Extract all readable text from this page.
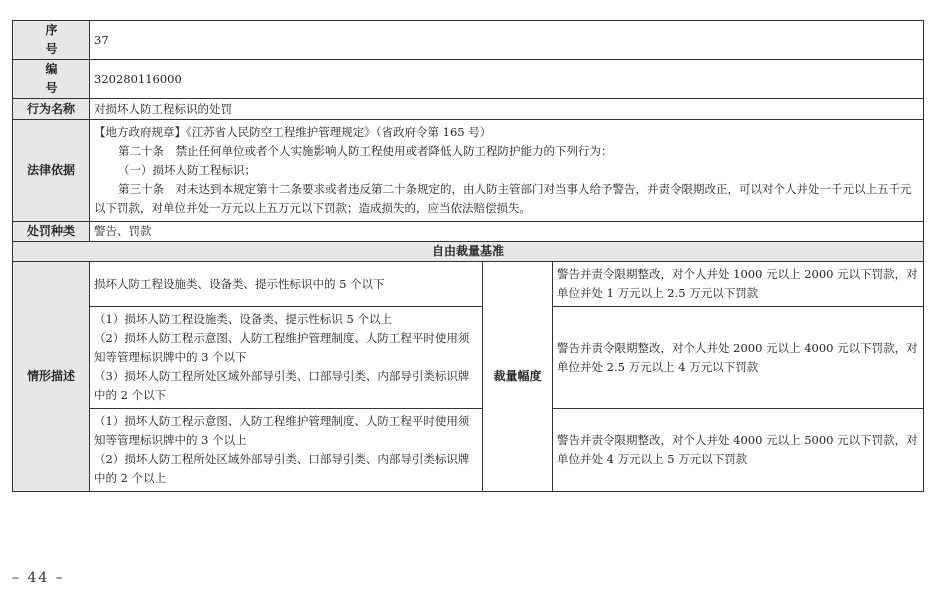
序　号	37		
编　号	320280116000		
行为名称	对损坏人防工程标识的处罚		
法律依据	【地方政府规章】《江苏省人民防空工程维护管理规定》（省政府令第 165 号）

第二十条　禁止任何单位或者个人实施影响人防工程使用或者降低人防工程防护能力的下列行为：

（一）损坏人防工程标识；

第三十条　对未达到本规定第十二条要求或者违反第二十条规定的，由人防主管部门对当事人给予警告，并责令限期改正，可以对个人并处一千元以上五千元以下罚款，对单位并处一万元以上五万元以下罚款；造成损失的，应当依法赔偿损失。		

处罚种类	警告、罚款		
自由裁量基准			
情形描述	损坏人防工程设施类、设备类、提示性标识中的 5 个以下	裁量幅度	警告并责令限期整改，对个人并处 1000 元以上 2000 元以下罚款，对单位并处 1 万元以上 2.5 万元以下罚款

	（1）损坏人防工程设施类、设备类、提示性标识 5 个以上

（2）损坏人防工程示意图、人防工程维护管理制度、人防工程平时使用须知等管理标识牌中的 3 个以下

（3）损坏人防工程所处区域外部导引类、口部导引类、内部导引类标识牌中的 2 个以下		警告并责令限期整改，对个人并处 2000 元以上 4000 元以下罚款，对单位并处 2.5 万元以上 4 万元以下罚款

	（1）损坏人防工程示意图、人防工程维护管理制度、人防工程平时使用须知等管理标识牌中的 3 个以上

（2）损坏人防工程所处区域外部导引类、口部导引类、内部导引类标识牌中的 2 个以上		警告并责令限期整改，对个人并处 4000 元以上 5000 元以下罚款，对单位并处 4 万元以上 5 万元以下罚款
– 44 –
